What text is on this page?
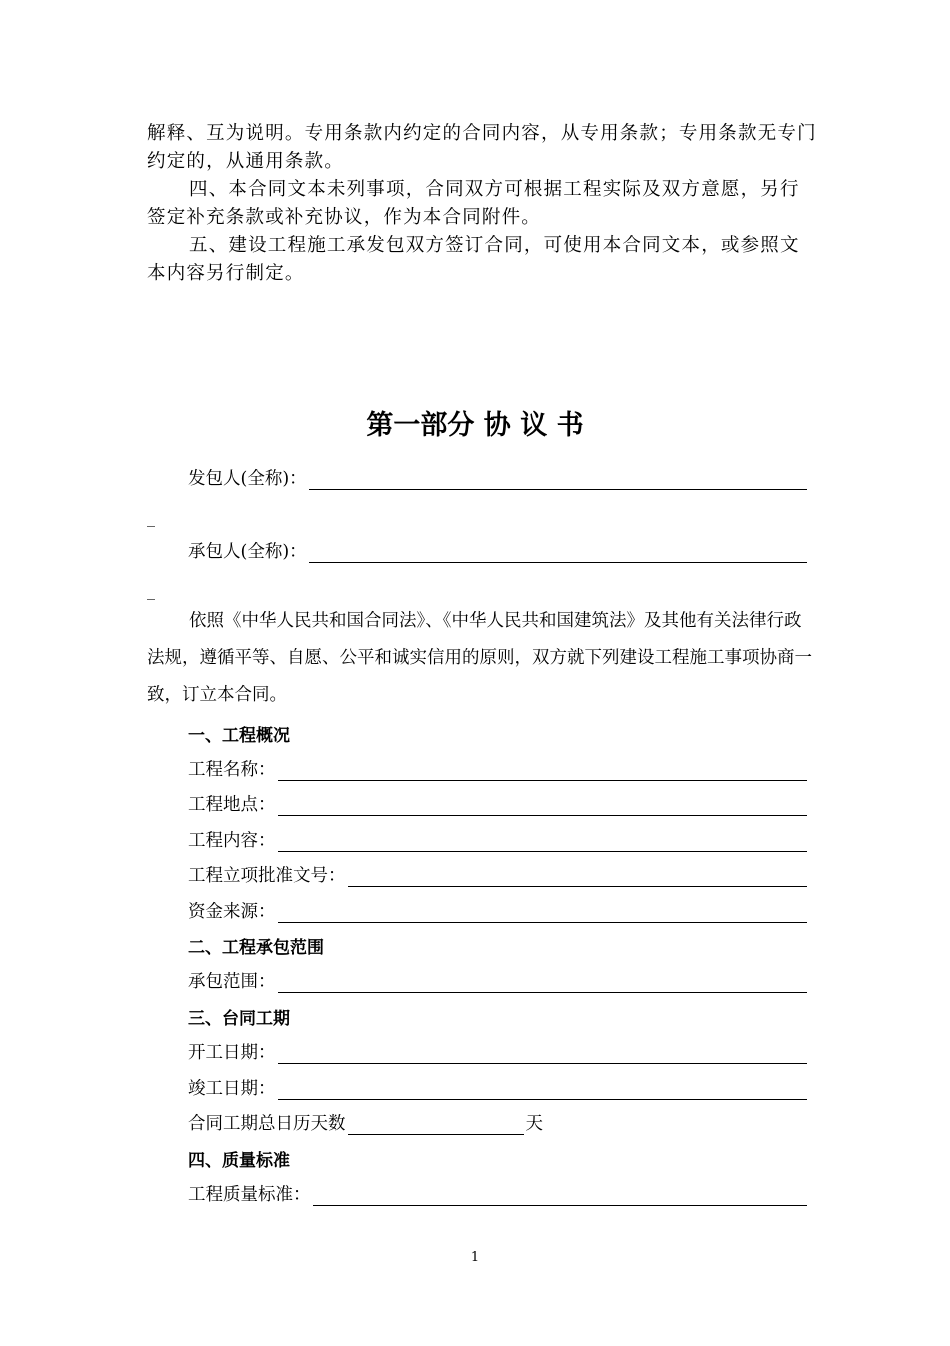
解释、互为说明。专用条款内约定的合同内容，从专用条款；专用条款无专门约定的，从通用条款。

四、本合同文本未列事项，合同双方可根据工程实际及双方意愿，另行签定补充条款或补充协议，作为本合同附件。

五、建设工程施工承发包双方签订合同，可使用本合同文本，或参照文本内容另行制定。

第一部分 协 议 书
发包人(全称)：
_
承包人(全称)：
_

依照《中华人民共和国合同法》、《中华人民共和国建筑法》及其他有关法律行政法规，遵循平等、自愿、公平和诚实信用的原则，双方就下列建设工程施工事项协商一致，订立本合同。

一、工程概况
工程名称：
工程地点：
工程内容：
工程立项批准文号：
资金来源：
二、工程承包范围
承包范围：
三、台同工期
开工日期：
竣工日期：
合同工期总日历天数	天
四、质量标准
工程质量标准：
1
